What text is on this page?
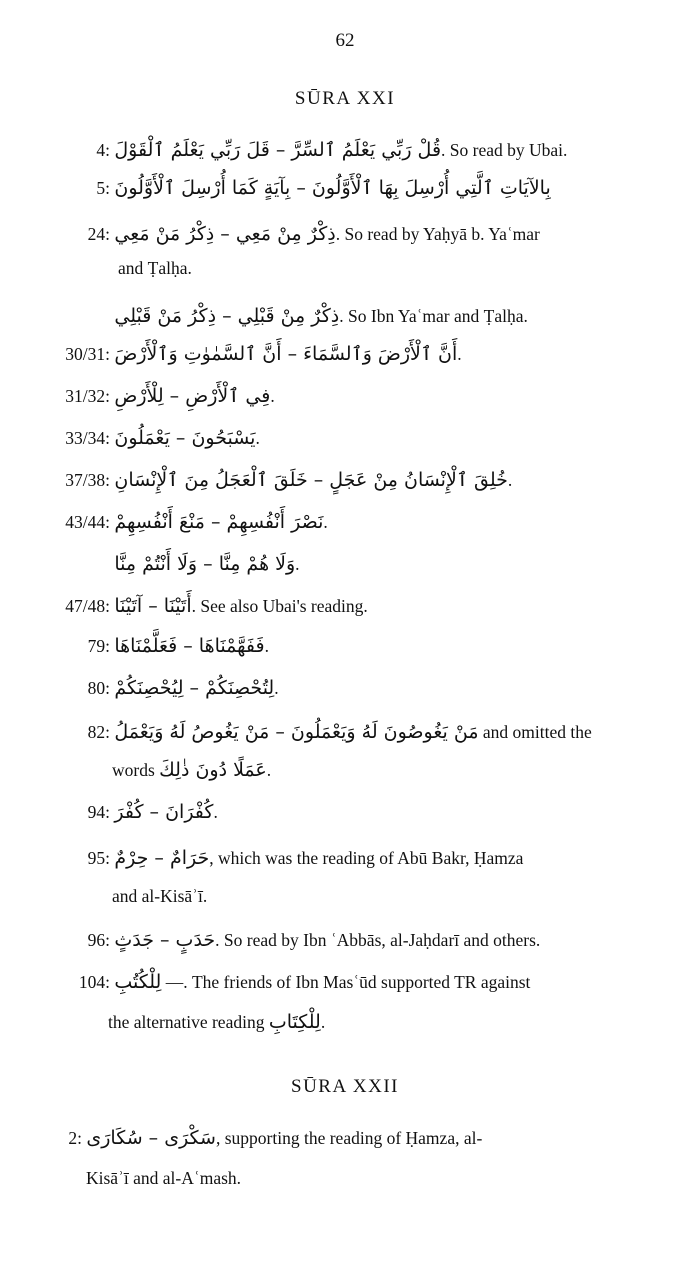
62
SŪRA XXI
4: قُلْ رَبِّي يَعْلَمُ ٱلسِّرَّ – قَلَ رَبِّي يَعْلَمُ ٱلْقَوْلَ. So read by Ubai.
5: بِالآيَاتِ ٱلَّتِي أُرْسِلَ بِهَا ٱلْأَوَّلُونَ – بِآيَةٍ كَمَا أُرْسِلَ ٱلْأَوَّلُونَ
24: ذِكْرٌ مِنْ مَعِي – ذِكْرُ مَنْ مَعِي. So read by Yaḥyā b. Yaʿmar
and Ṭalḥa.
ذِكْرٌ مِنْ قَبْلِي – ذِكْرُ مَنْ قَبْلِي. So Ibn Yaʿmar and Ṭalḥa.
30/31: أَنَّ ٱلْأَرْضَ وَٱلسَّمَاءَ – أَنَّ ٱلسَّمٰوٰتِ وَٱلْأَرْضَ.
31/32: فِي ٱلْأَرْضِ – لِلْأَرْضِ.
33/34: يَسْبَحُونَ – يَعْمَلُونَ.
37/38: خُلِقَ ٱلْإِنْسَانُ مِنْ عَجَلٍ – خَلَقَ ٱلْعَجَلُ مِنَ ٱلْإِنْسَانِ.
43/44: نَصْرَ أَنْفُسِهِمْ – مَنْعَ أَنْفُسِهِمْ.
وَلَا هُمْ مِنَّا – وَلَا أَنْتُمْ مِنَّا.
47/48: أَتَيْنَا – آتَيْنَا. See also Ubai's reading.
79: فَفَهَّمْنَاهَا – فَعَلَّمْنَاهَا.
80: لِتُحْصِنَكُمْ – لِيُحْصِنَكُمْ.
82: مَنْ يَغُوصُونَ لَهُ وَيَعْمَلُونَ – مَنْ يَغُوصُ لَهُ وَيَعْمَلُ and omitted the
words عَمَلًا دُونَ ذٰلِكَ.
94: كُفْرَانَ – كُفْرَ.
95: حَرَامٌ – حِرْمٌ, which was the reading of Abū Bakr, Ḥamza
and al-Kisāʾī.
96: حَدَبٍ – جَدَثٍ. So read by Ibn ʿAbbās, al-Jaḥdarī and others.
104: لِلْكُتُبِ —. The friends of Ibn Masʿūd supported TR against
the alternative reading لِلْكِتَابِ.
SŪRA XXII
2: سَكْرَى – سُكَارَى, supporting the reading of Ḥamza, al-
Kisāʾī and al-Aʿmash.
